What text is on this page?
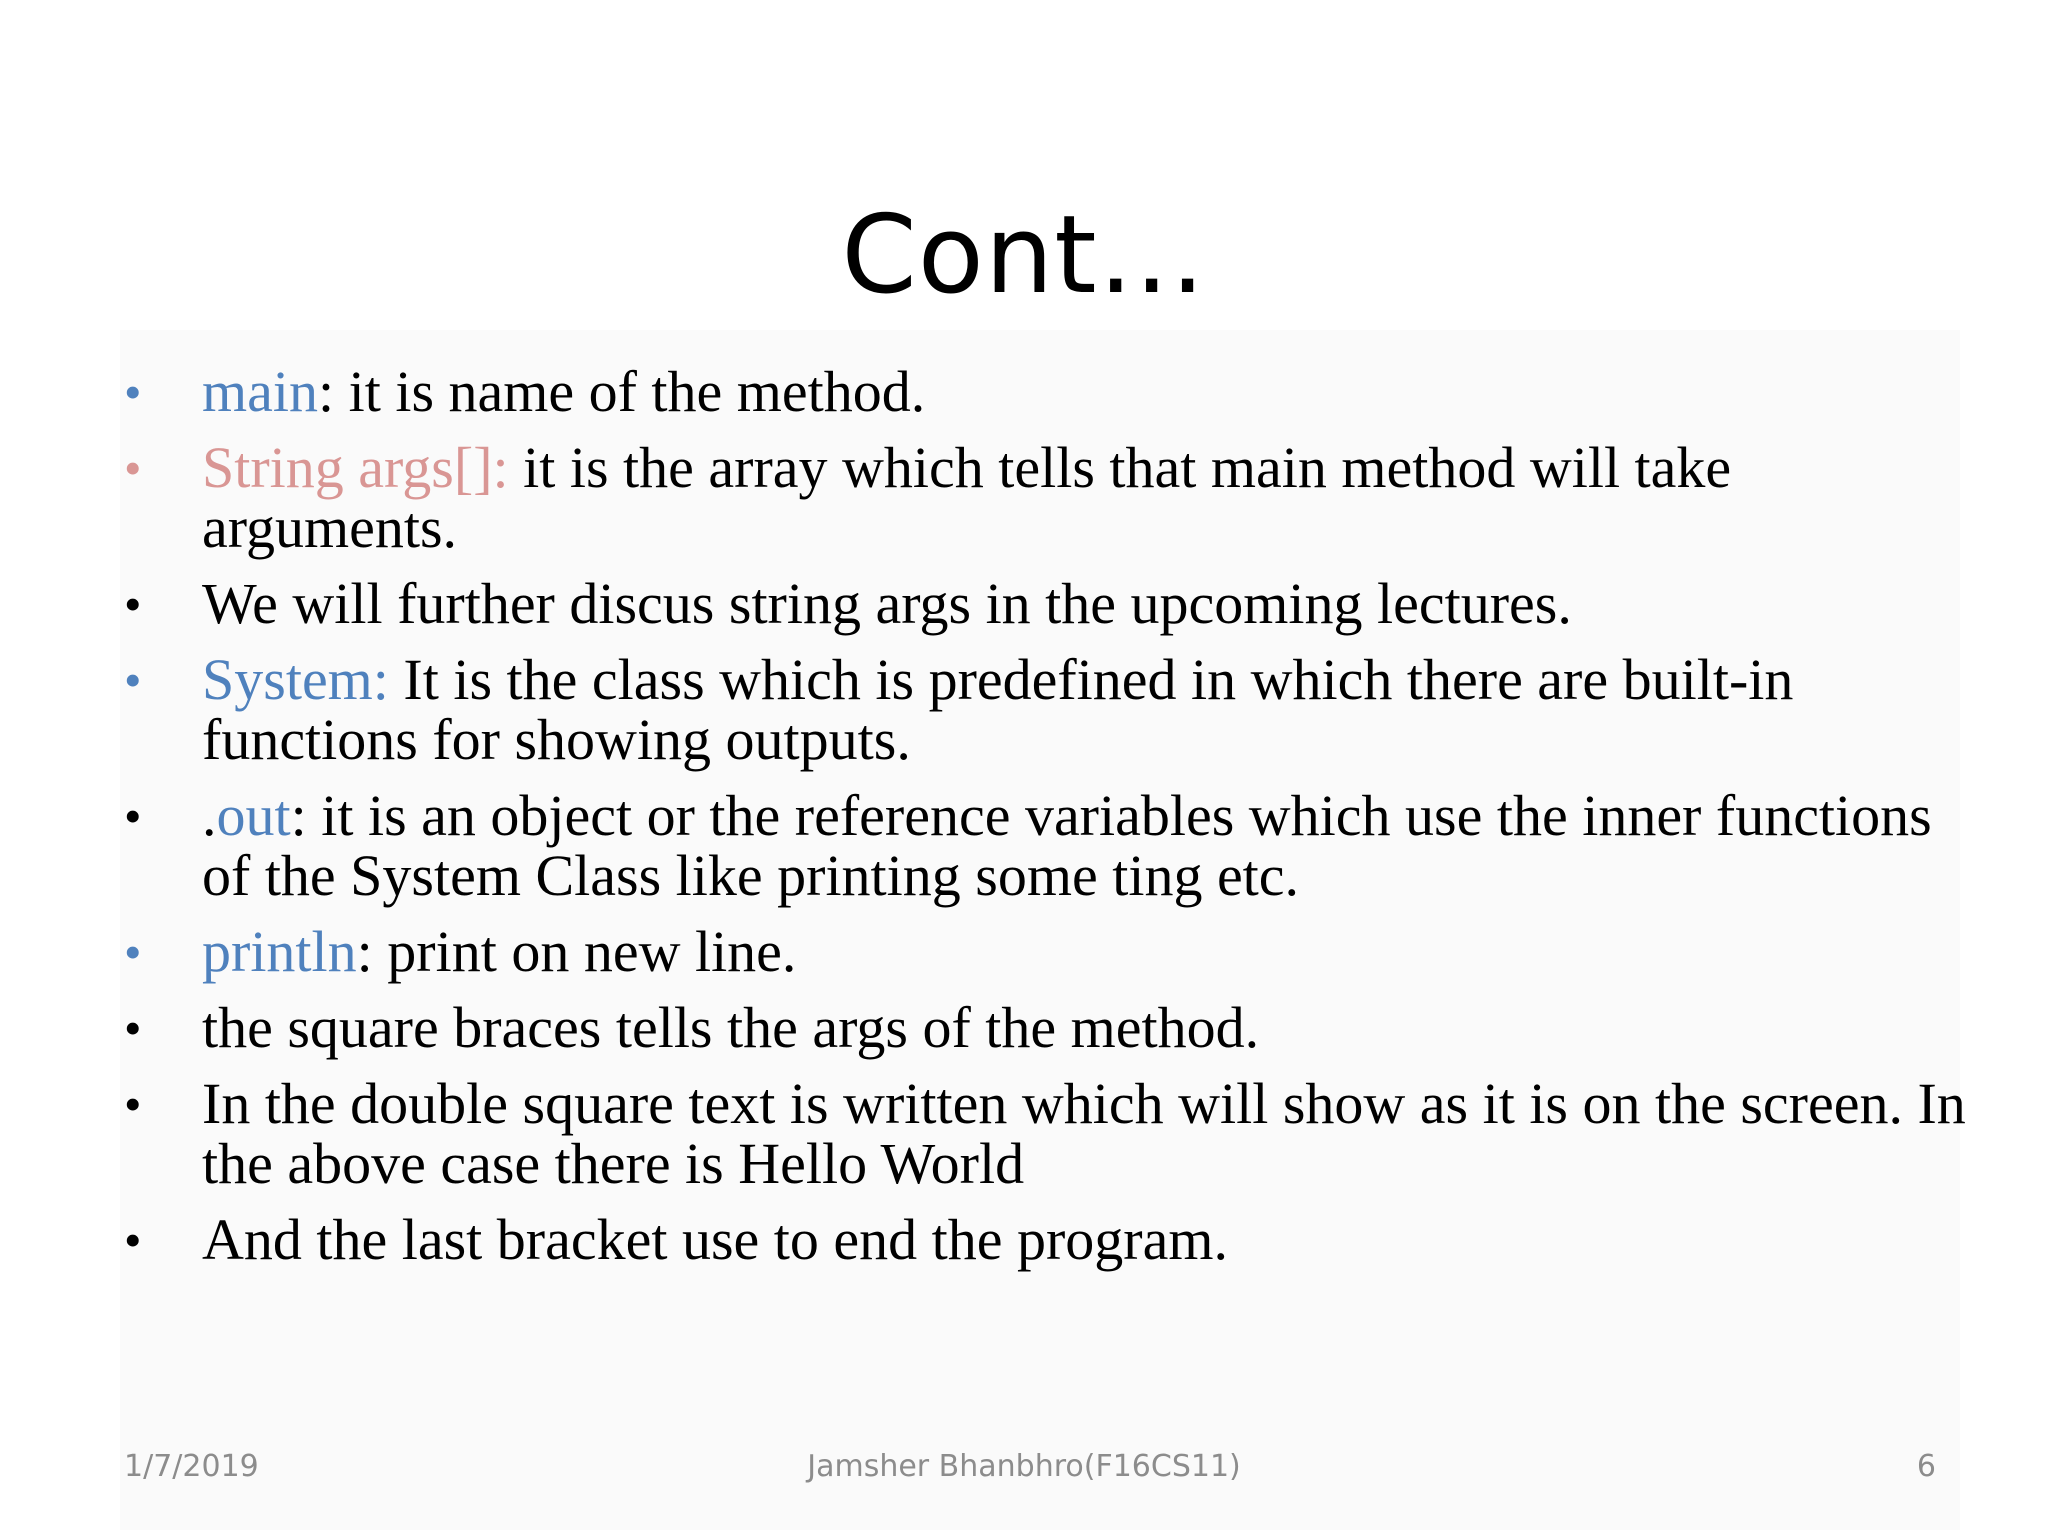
Cont…
• main: it is name of the method.
• String args[]: it is the array which tells that main method will take arguments.
• We will further discus string args in the upcoming lectures.
• System: It is the class which is predefined in which there are built-in functions for showing outputs.
• .out: it is an object or the reference variables which use the inner functions of the System Class like printing some ting etc.
• println: print on new line.
• the square braces tells the args of the method.
• In the double square text is written which will show as it is on the screen. In the above case there is Hello World
• And the last bracket use to end the program.
1/7/2019	Jamsher Bhanbhro(F16CS11)	6
